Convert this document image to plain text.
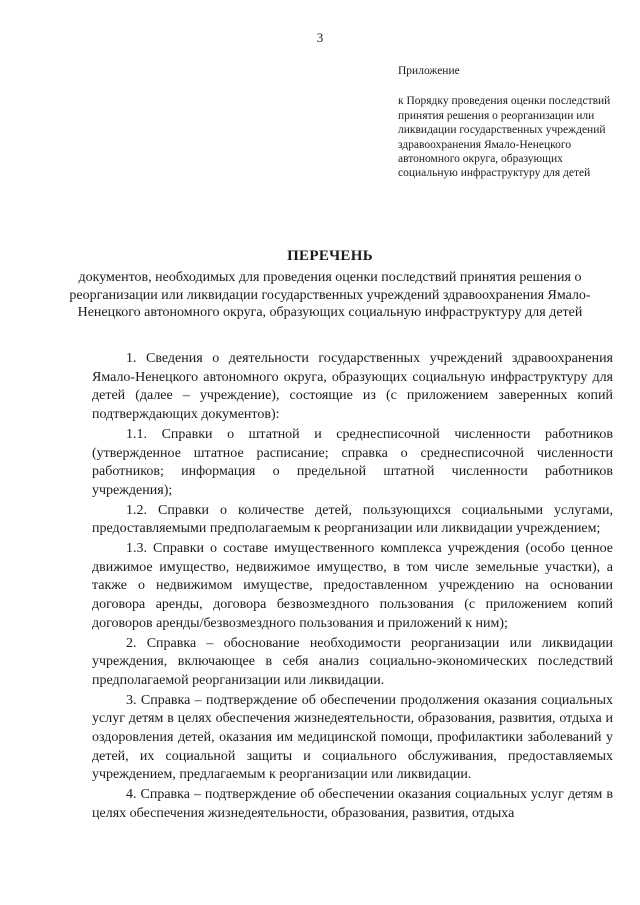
3

Приложение

к Порядку проведения оценки последствий принятия решения о реорганизации или ликвидации государственных учреждений здравоохранения Ямало-Ненецкого автономного округа, образующих социальную инфраструктуру для детей

ПЕРЕЧЕНЬ

документов, необходимых для проведения оценки последствий принятия решения о реорганизации или ликвидации государственных учреждений здравоохранения Ямало-Ненецкого автономного округа, образующих социальную инфраструктуру для детей

1. Сведения о деятельности государственных учреждений здравоохранения Ямало-Ненецкого автономного округа, образующих социальную инфраструктуру для детей (далее – учреждение), состоящие из (с приложением заверенных копий подтверждающих документов):

1.1. Справки о штатной и среднесписочной численности работников (утвержденное штатное расписание; справка о среднесписочной численности работников; информация о предельной штатной численности работников учреждения);

1.2. Справки о количестве детей, пользующихся социальными услугами, предоставляемыми предполагаемым к реорганизации или ликвидации учреждением;

1.3. Справки о составе имущественного комплекса учреждения (особо ценное движимое имущество, недвижимое имущество, в том числе земельные участки), а также о недвижимом имуществе, предоставленном учреждению на основании договора аренды, договора безвозмездного пользования (с приложением копий договоров аренды/безвозмездного пользования и приложений к ним);

2. Справка – обоснование необходимости реорганизации или ликвидации учреждения, включающее в себя анализ социально-экономических последствий предполагаемой реорганизации или ликвидации.

3. Справка – подтверждение об обеспечении продолжения оказания социальных услуг детям в целях обеспечения жизнедеятельности, образования, развития, отдыха и оздоровления детей, оказания им медицинской помощи, профилактики заболеваний у детей, их социальной защиты и социального обслуживания, предоставляемых учреждением, предлагаемым к реорганизации или ликвидации.

4. Справка – подтверждение об обеспечении оказания социальных услуг детям в целях обеспечения жизнедеятельности, образования, развития, отдыха
